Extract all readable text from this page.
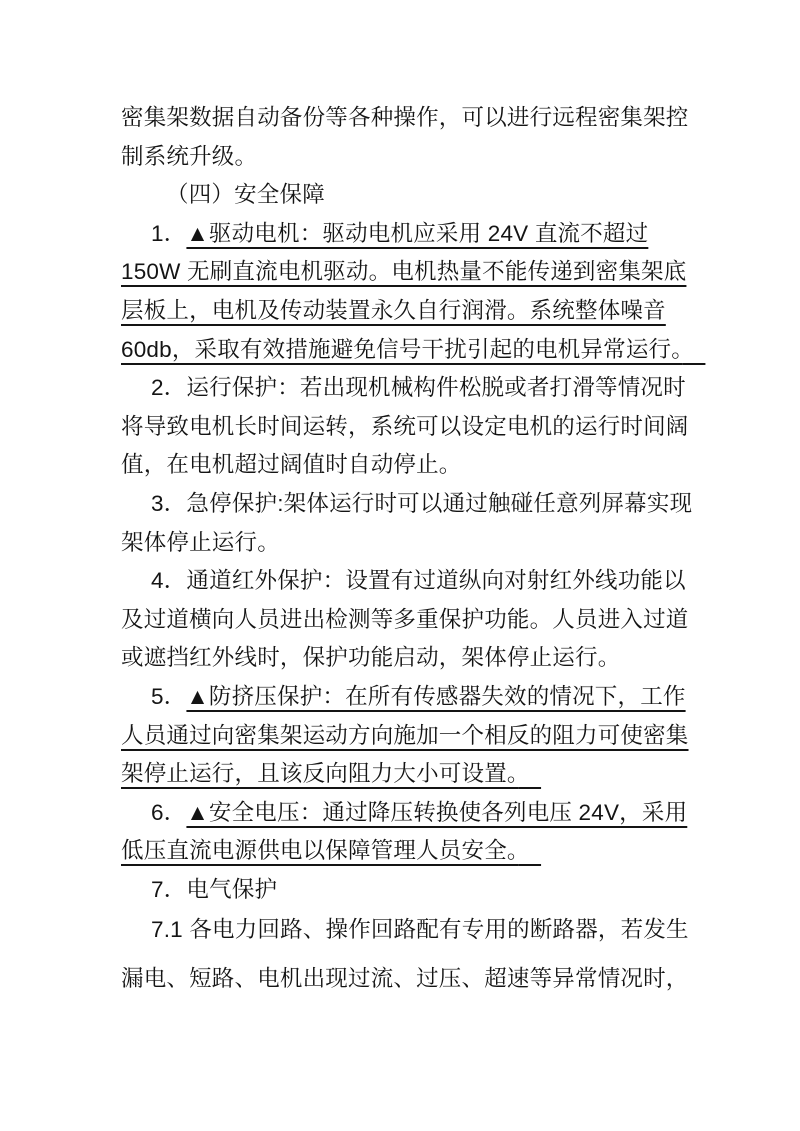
密集架数据自动备份等各种操作，可以进行远程密集架控
制系统升级。
（四）安全保障
1．▲驱动电机：驱动电机应采用 24V 直流不超过
150W 无刷直流电机驱动。电机热量不能传递到密集架底
层板上，电机及传动装置永久自行润滑。系统整体噪音
60db，采取有效措施避免信号干扰引起的电机异常运行。　
2．运行保护：若出现机械构件松脱或者打滑等情况时
将导致电机长时间运转，系统可以设定电机的运行时间阔
值，在电机超过阔值时自动停止。
3．急停保护:架体运行时可以通过触碰任意列屏幕实现
架体停止运行。
4．通道红外保护：设置有过道纵向对射红外线功能以
及过道横向人员进出检测等多重保护功能。人员进入过道
或遮挡红外线时，保护功能启动，架体停止运行。
5．▲防挤压保护：在所有传感器失效的情况下，工作
人员通过向密集架运动方向施加一个相反的阻力可使密集
架停止运行，且该反向阻力大小可设置。　
6．▲安全电压：通过降压转换使各列电压 24V，采用
低压直流电源供电以保障管理人员安全。　
7．电气保护
7.1 各电力回路、操作回路配有专用的断路器，若发生
漏电、短路、电机出现过流、过压、超速等异常情况时，
